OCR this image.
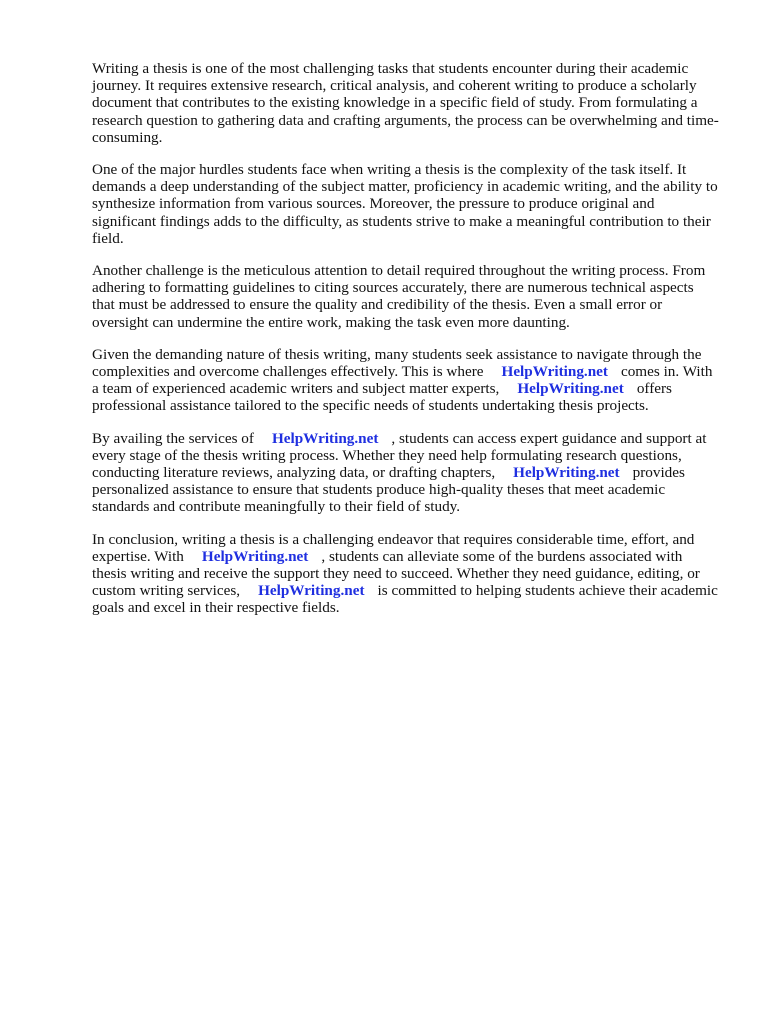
Writing a thesis is one of the most challenging tasks that students encounter during their academic journey. It requires extensive research, critical analysis, and coherent writing to produce a scholarly document that contributes to the existing knowledge in a specific field of study. From formulating a research question to gathering data and crafting arguments, the process can be overwhelming and time-consuming.

One of the major hurdles students face when writing a thesis is the complexity of the task itself. It demands a deep understanding of the subject matter, proficiency in academic writing, and the ability to synthesize information from various sources. Moreover, the pressure to produce original and significant findings adds to the difficulty, as students strive to make a meaningful contribution to their field.

Another challenge is the meticulous attention to detail required throughout the writing process. From adhering to formatting guidelines to citing sources accurately, there are numerous technical aspects that must be addressed to ensure the quality and credibility of the thesis. Even a small error or oversight can undermine the entire work, making the task even more daunting.

Given the demanding nature of thesis writing, many students seek assistance to navigate through the complexities and overcome challenges effectively. This is where HelpWriting.net comes in. With a team of experienced academic writers and subject matter experts, HelpWriting.net offers professional assistance tailored to the specific needs of students undertaking thesis projects.

By availing the services of HelpWriting.net , students can access expert guidance and support at every stage of the thesis writing process. Whether they need help formulating research questions, conducting literature reviews, analyzing data, or drafting chapters, HelpWriting.net provides personalized assistance to ensure that students produce high-quality theses that meet academic standards and contribute meaningfully to their field of study.

In conclusion, writing a thesis is a challenging endeavor that requires considerable time, effort, and expertise. With HelpWriting.net , students can alleviate some of the burdens associated with thesis writing and receive the support they need to succeed. Whether they need guidance, editing, or custom writing services, HelpWriting.net is committed to helping students achieve their academic goals and excel in their respective fields.
